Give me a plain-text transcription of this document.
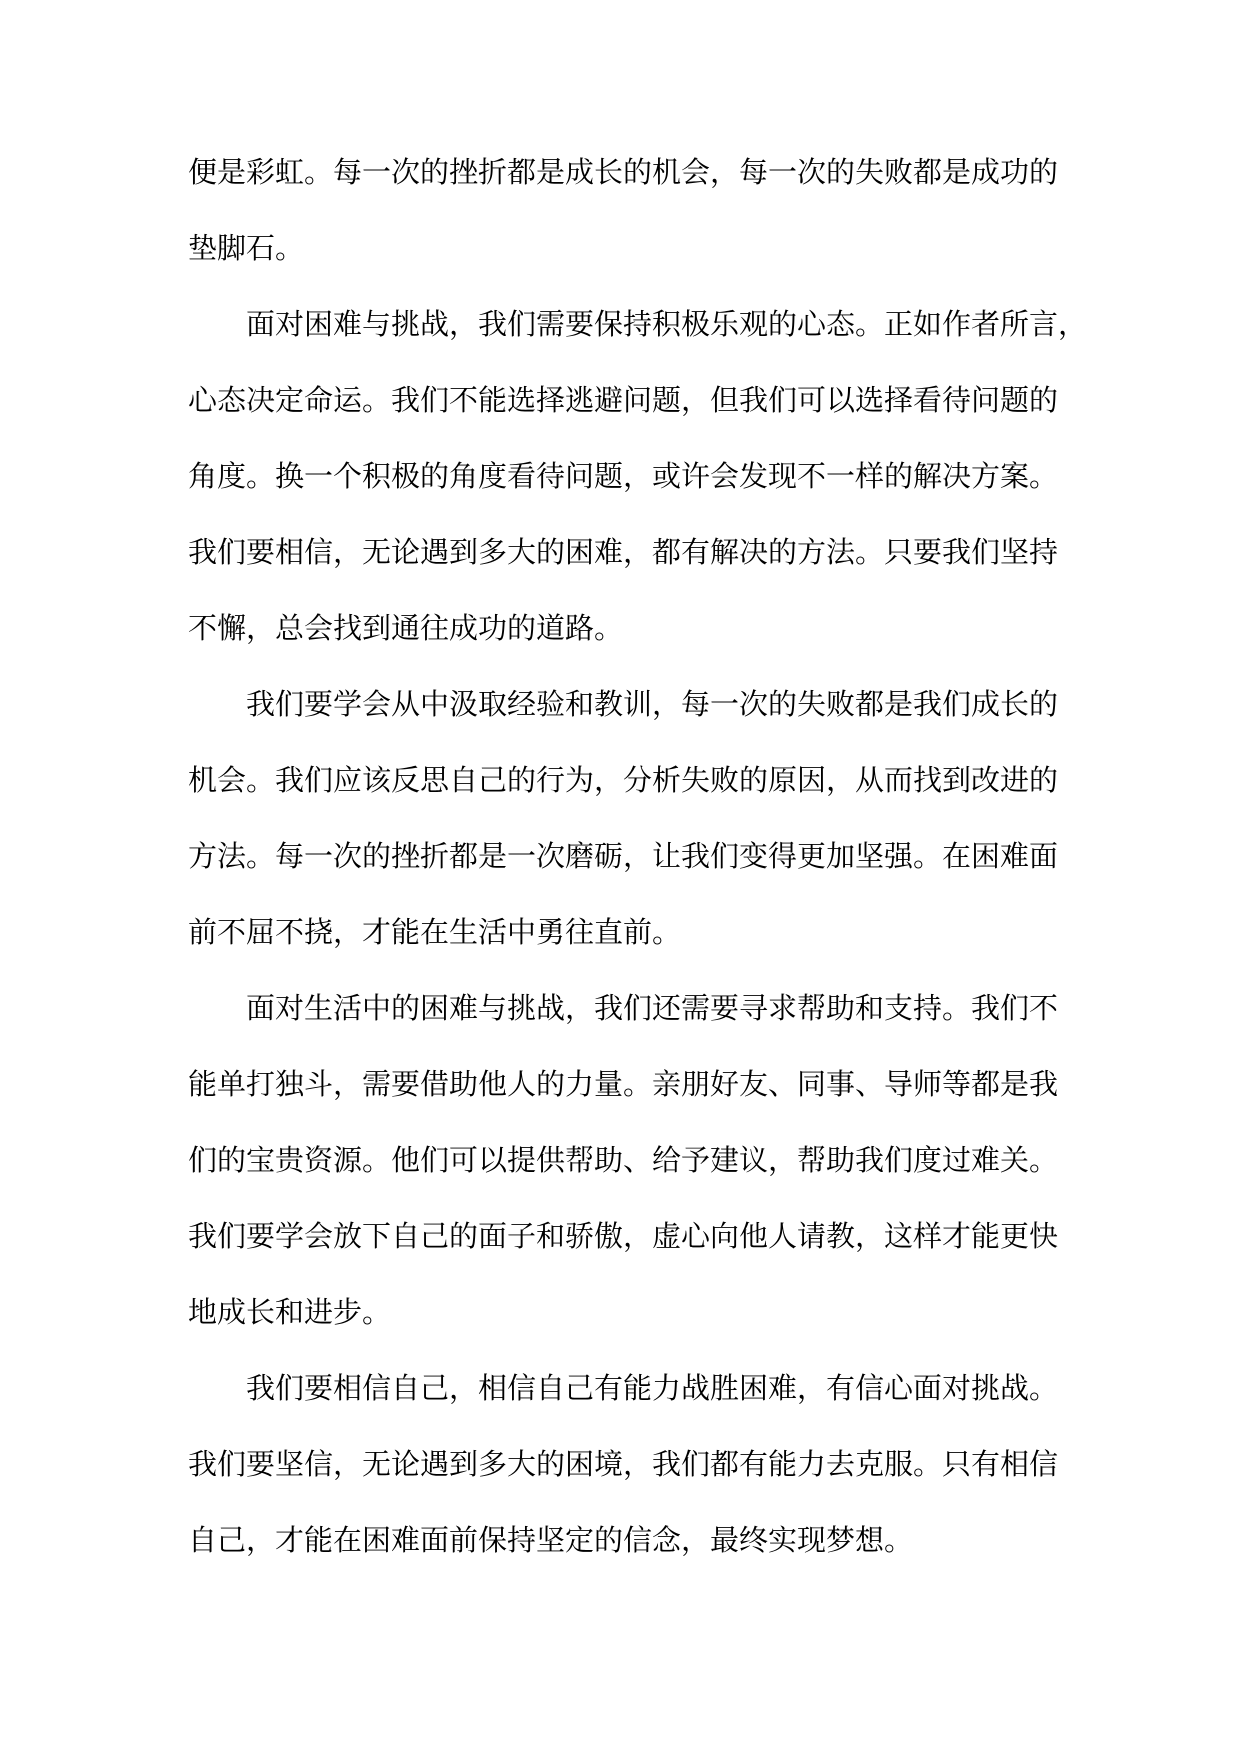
便是彩虹。每一次的挫折都是成长的机会，每一次的失败都是成功的
垫脚石。
面对困难与挑战，我们需要保持积极乐观的心态。正如作者所言，
心态决定命运。我们不能选择逃避问题，但我们可以选择看待问题的
角度。换一个积极的角度看待问题，或许会发现不一样的解决方案。
我们要相信，无论遇到多大的困难，都有解决的方法。只要我们坚持
不懈，总会找到通往成功的道路。
我们要学会从中汲取经验和教训，每一次的失败都是我们成长的
机会。我们应该反思自己的行为，分析失败的原因，从而找到改进的
方法。每一次的挫折都是一次磨砺，让我们变得更加坚强。在困难面
前不屈不挠，才能在生活中勇往直前。
面对生活中的困难与挑战，我们还需要寻求帮助和支持。我们不
能单打独斗，需要借助他人的力量。亲朋好友、同事、导师等都是我
们的宝贵资源。他们可以提供帮助、给予建议，帮助我们度过难关。
我们要学会放下自己的面子和骄傲，虚心向他人请教，这样才能更快
地成长和进步。
我们要相信自己，相信自己有能力战胜困难，有信心面对挑战。
我们要坚信，无论遇到多大的困境，我们都有能力去克服。只有相信
自己，才能在困难面前保持坚定的信念，最终实现梦想。
